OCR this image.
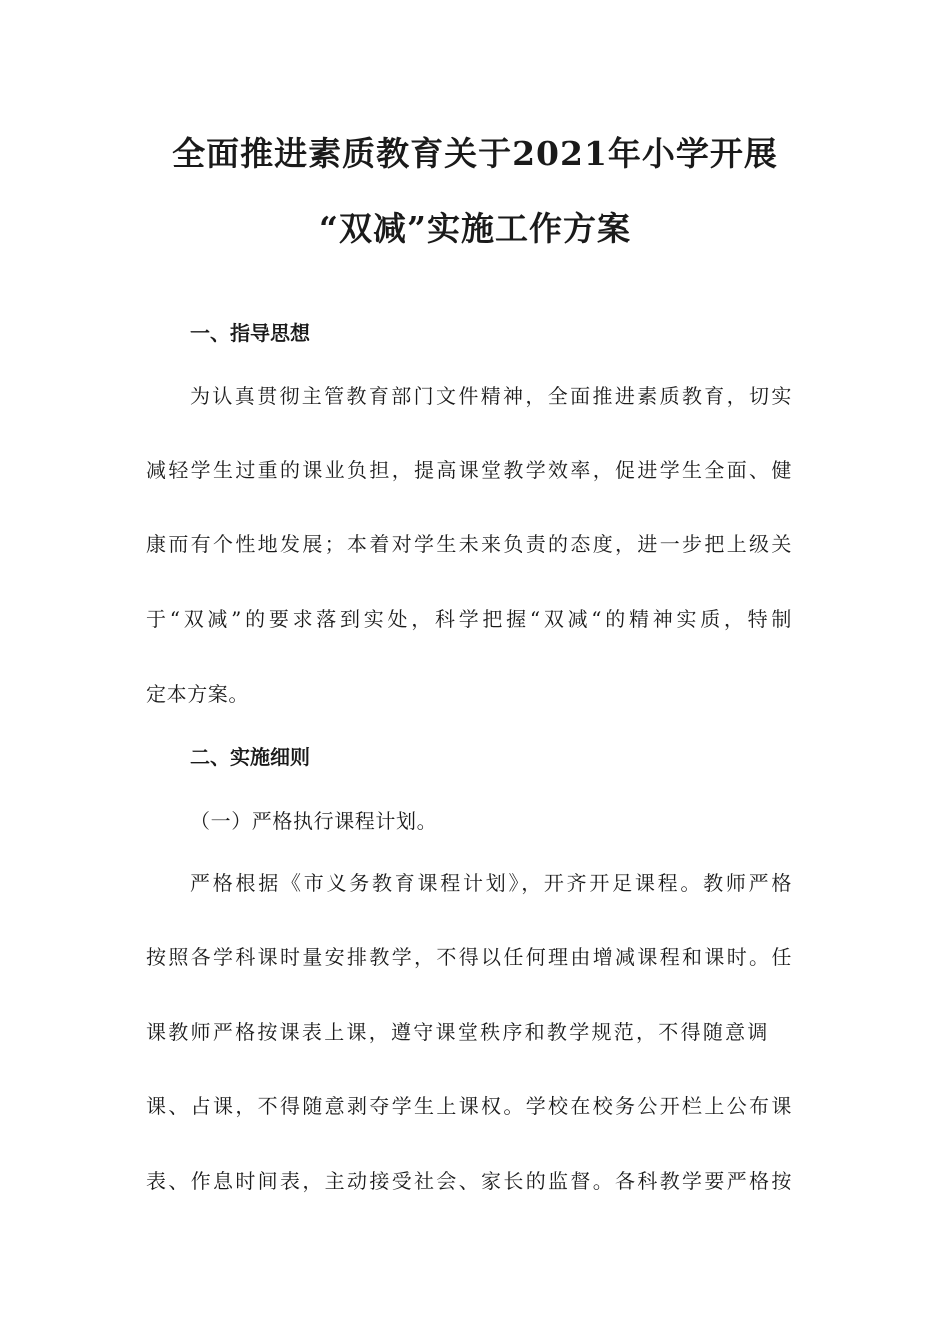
全面推进素质教育关于2021年小学开展
“双减”实施工作方案
一、指导思想
为认真贯彻主管教育部门文件精神，全面推进素质教育，切实
减轻学生过重的课业负担，提高课堂教学效率，促进学生全面、健
康而有个性地发展；本着对学生未来负责的态度，进一步把上级关
于“双减”的要求落到实处，科学把握“双减“的精神实质，特制
定本方案。
二、实施细则
（一）严格执行课程计划。
严格根据《市义务教育课程计划》，开齐开足课程。教师严格
按照各学科课时量安排教学，不得以任何理由增减课程和课时。任
课教师严格按课表上课，遵守课堂秩序和教学规范，不得随意调
课、占课，不得随意剥夺学生上课权。学校在校务公开栏上公布课
表、作息时间表，主动接受社会、家长的监督。各科教学要严格按
